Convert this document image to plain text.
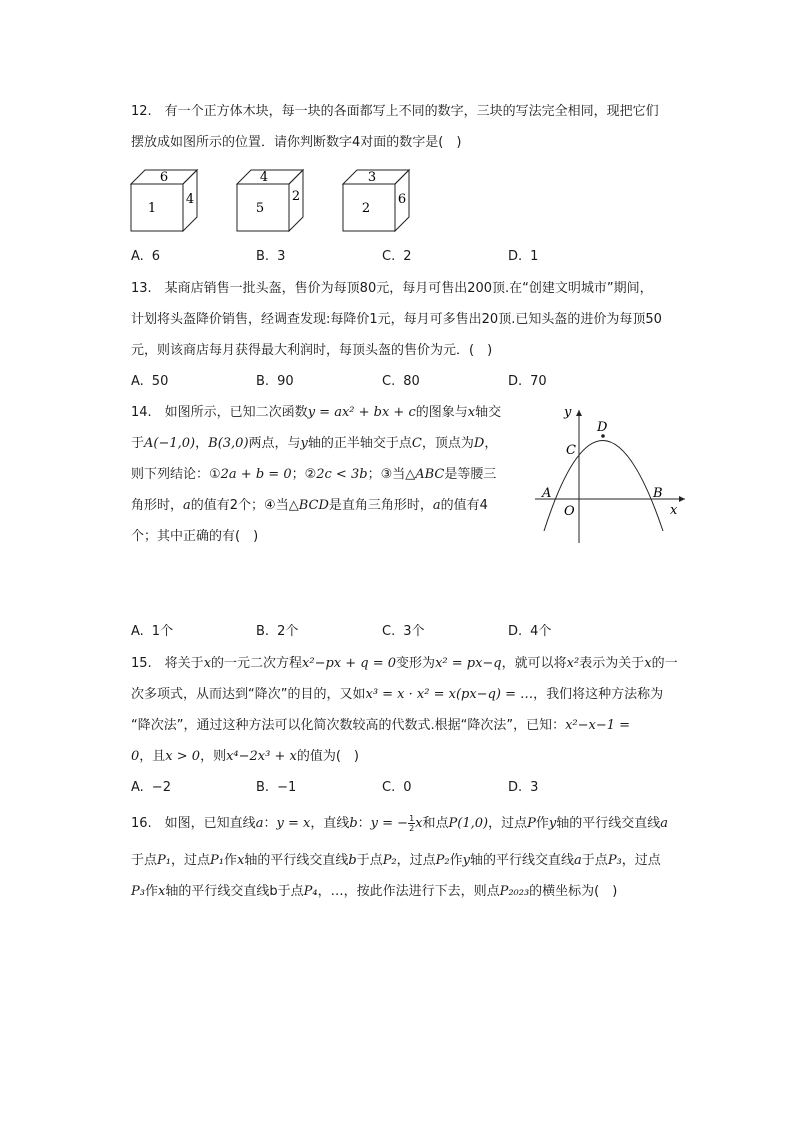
12.　有一个正方体木块，每一块的各面都写上不同的数字，三块的写法完全相同，现把它们
摆放成如图所示的位置．请你判断数字4对面的数字是(　)
6
1
4
4
5
2
3
2
6
A. 6	B. 3	C. 2	D. 1
13.　某商店销售一批头盔，售价为每顶80元，每月可售出200顶.在“创建文明城市”期间，
计划将头盔降价销售，经调查发现:每降价1元，每月可多售出20顶.已知头盔的进价为每顶50
元，则该商店每月获得最大利润时，每顶头盔的售价为元．(　)
A. 50	B. 90	C. 80	D. 70
14.　如图所示，已知二次函数y = ax² + bx + c的图象与x轴交
于A(−1,0)，B(3,0)两点，与y轴的正半轴交于点C，顶点为D，
则下列结论：①2a + b = 0；②2c < 3b；③当△ABC是等腰三
角形时，a的值有2个；④当△BCD是直角三角形时，a的值有4
个；其中正确的有(　)
y
x
C
D
A	B
O
A. 1个	B. 2个	C. 3个	D. 4个
15.　将关于x的一元二次方程x²−px + q = 0变形为x² = px−q，就可以将x²表示为关于x的一
次多项式，从而达到“降次”的目的，又如x³ = x · x² = x(px−q) = …，我们将这种方法称为
“降次法”，通过这种方法可以化简次数较高的代数式.根据“降次法”，已知：x²−x−1 =
0，且x > 0，则x⁴−2x³ + x的值为(　)
A. −2	B. −1	C. 0	D. 3
16.　如图，已知直线a：y = x，直线b：y = − $\frac{1}{2}$ x和点P(1,0)，过点P作y轴的平行线交直线a
于点P₁，过点P₁作x轴的平行线交直线b于点P₂，过点P₂作y轴的平行线交直线a于点P₃，过点
P₃作x轴的平行线交直线b于点P₄，…，按此作法进行下去，则点P₂₀₂₃的横坐标为(　)
